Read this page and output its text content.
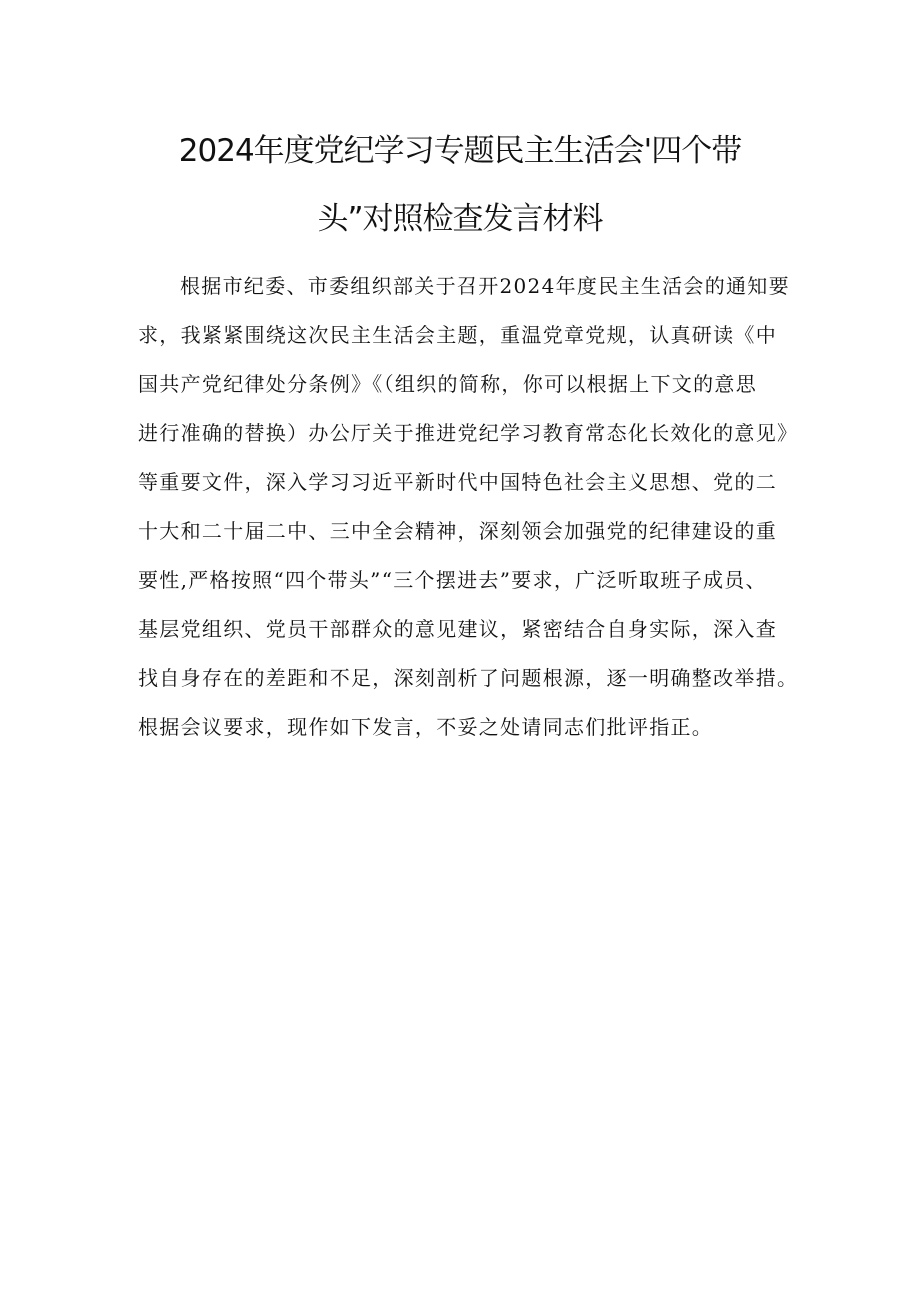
2024年度党纪学习专题民主生活会'四个带
头”对照检查发言材料
根据市纪委、市委组织部关于召开2024年度民主生活会的通知要
求，我紧紧围绕这次民主生活会主题，重温党章党规，认真研读《中
国共产党纪律处分条例》《（组织的简称，你可以根据上下文的意思
进行准确的替换）办公厅关于推进党纪学习教育常态化长效化的意见》
等重要文件，深入学习习近平新时代中国特色社会主义思想、党的二
十大和二十届二中、三中全会精神，深刻领会加强党的纪律建设的重
要性,严格按照“四个带头”“三个摆进去”要求，广泛听取班子成员、
基层党组织、党员干部群众的意见建议，紧密结合自身实际，深入查
找自身存在的差距和不足，深刻剖析了问题根源，逐一明确整改举措。
根据会议要求，现作如下发言，不妥之处请同志们批评指正。
